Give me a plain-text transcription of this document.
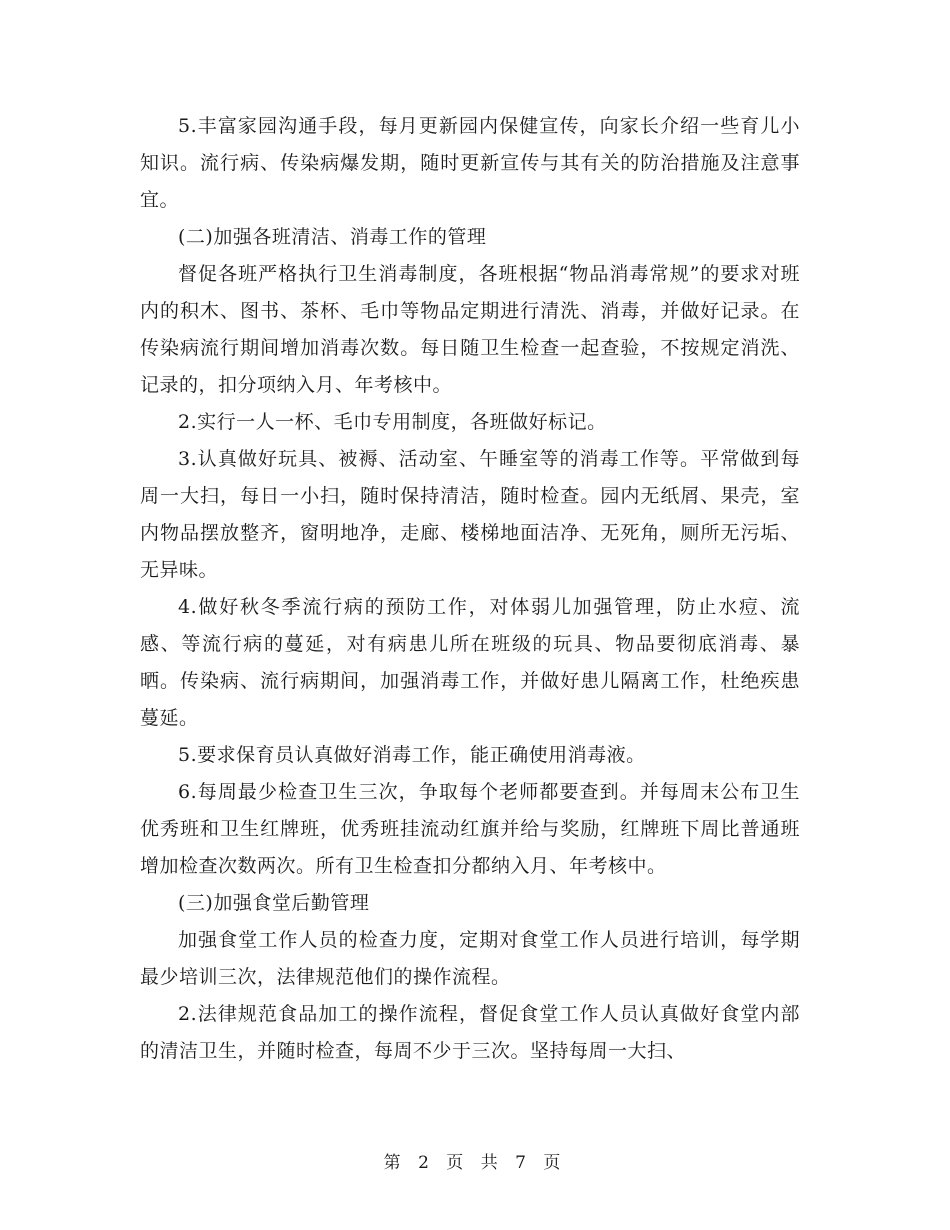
5.丰富家园沟通手段，每月更新园内保健宣传，向家长介绍一些育儿小知识。流行病、传染病爆发期，随时更新宣传与其有关的防治措施及注意事宜。

(二)加强各班清洁、消毒工作的管理

督促各班严格执行卫生消毒制度，各班根据“物品消毒常规”的要求对班内的积木、图书、茶杯、毛巾等物品定期进行清洗、消毒，并做好记录。在传染病流行期间增加消毒次数。每日随卫生检查一起查验，不按规定消洗、记录的，扣分项纳入月、年考核中。

2.实行一人一杯、毛巾专用制度，各班做好标记。

3.认真做好玩具、被褥、活动室、午睡室等的消毒工作等。平常做到每周一大扫，每日一小扫，随时保持清洁，随时检查。园内无纸屑、果壳，室内物品摆放整齐，窗明地净，走廊、楼梯地面洁净、无死角，厕所无污垢、无异味。

4.做好秋冬季流行病的预防工作，对体弱儿加强管理，防止水痘、流感、等流行病的蔓延，对有病患儿所在班级的玩具、物品要彻底消毒、暴晒。传染病、流行病期间，加强消毒工作，并做好患儿隔离工作，杜绝疾患蔓延。

5.要求保育员认真做好消毒工作，能正确使用消毒液。

6.每周最少检查卫生三次，争取每个老师都要查到。并每周末公布卫生优秀班和卫生红牌班，优秀班挂流动红旗并给与奖励，红牌班下周比普通班增加检查次数两次。所有卫生检查扣分都纳入月、年考核中。

(三)加强食堂后勤管理

加强食堂工作人员的检查力度，定期对食堂工作人员进行培训，每学期最少培训三次，法律规范他们的操作流程。

2.法律规范食品加工的操作流程，督促食堂工作人员认真做好食堂内部的清洁卫生，并随时检查，每周不少于三次。坚持每周一大扫、

第 2 页 共 7 页
